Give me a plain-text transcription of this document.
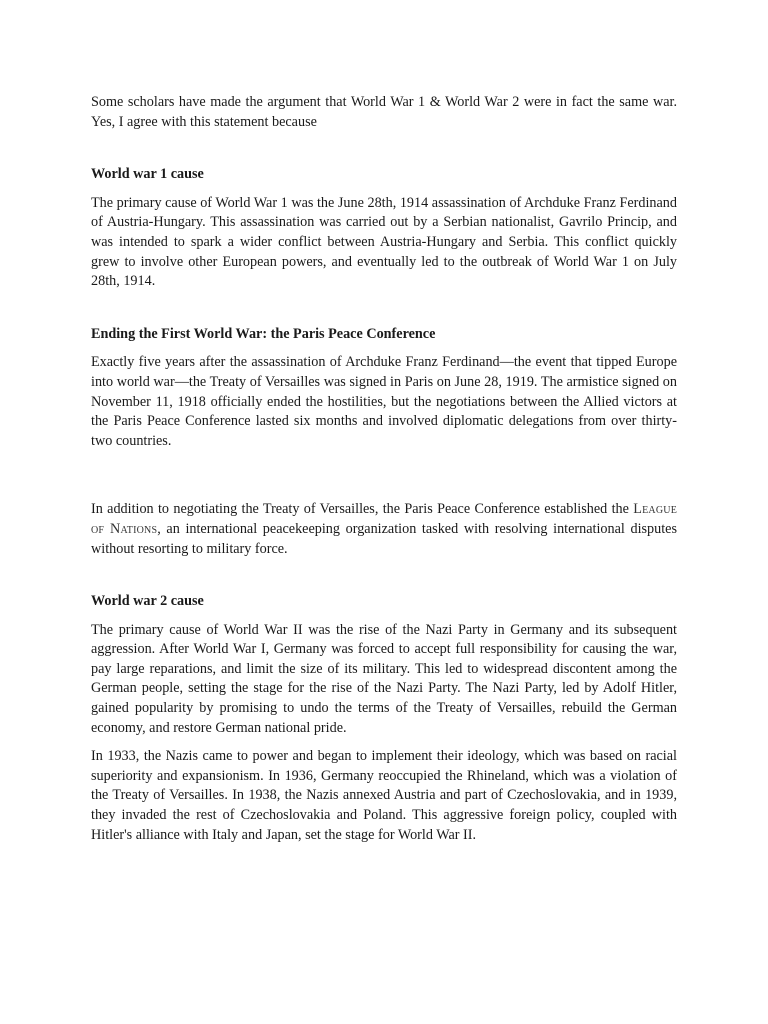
Some scholars have made the argument that World War 1 & World War 2 were in fact the same war. Yes, I agree with this statement because

World war 1 cause

The primary cause of World War 1 was the June 28th, 1914 assassination of Archduke Franz Ferdinand of Austria-Hungary. This assassination was carried out by a Serbian nationalist, Gavrilo Princip, and was intended to spark a wider conflict between Austria-Hungary and Serbia. This conflict quickly grew to involve other European powers, and eventually led to the outbreak of World War 1 on July 28th, 1914.

Ending the First World War: the Paris Peace Conference

Exactly five years after the assassination of Archduke Franz Ferdinand—the event that tipped Europe into world war—the Treaty of Versailles was signed in Paris on June 28, 1919. The armistice signed on November 11, 1918 officially ended the hostilities, but the negotiations between the Allied victors at the Paris Peace Conference lasted six months and involved diplomatic delegations from over thirty-two countries.

In addition to negotiating the Treaty of Versailles, the Paris Peace Conference established the League of Nations, an international peacekeeping organization tasked with resolving international disputes without resorting to military force.

World war 2 cause

The primary cause of World War II was the rise of the Nazi Party in Germany and its subsequent aggression. After World War I, Germany was forced to accept full responsibility for causing the war, pay large reparations, and limit the size of its military. This led to widespread discontent among the German people, setting the stage for the rise of the Nazi Party. The Nazi Party, led by Adolf Hitler, gained popularity by promising to undo the terms of the Treaty of Versailles, rebuild the German economy, and restore German national pride.

In 1933, the Nazis came to power and began to implement their ideology, which was based on racial superiority and expansionism. In 1936, Germany reoccupied the Rhineland, which was a violation of the Treaty of Versailles. In 1938, the Nazis annexed Austria and part of Czechoslovakia, and in 1939, they invaded the rest of Czechoslovakia and Poland. This aggressive foreign policy, coupled with Hitler's alliance with Italy and Japan, set the stage for World War II.
